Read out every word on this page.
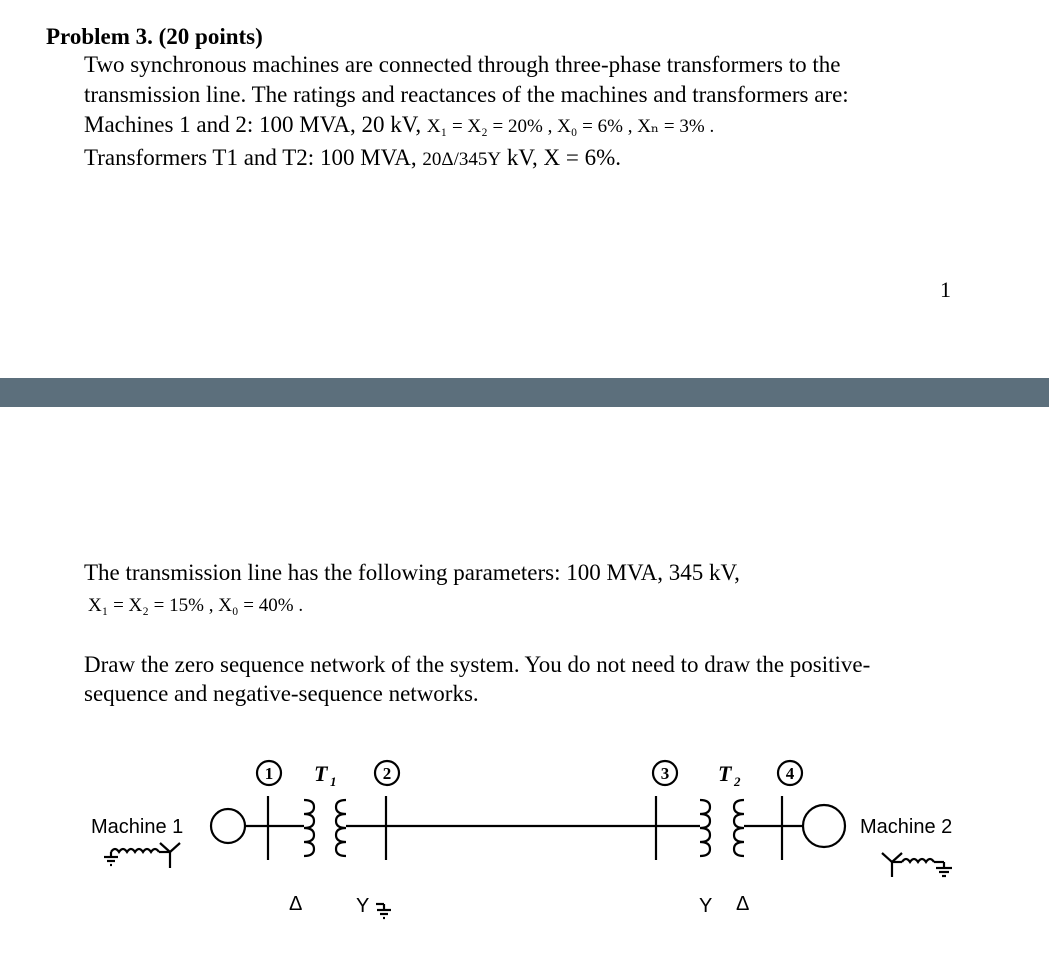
Problem 3. (20 points)
Two synchronous machines are connected through three-phase transformers to the
transmission line. The ratings and reactances of the machines and transformers are:
Machines 1 and 2: 100 MVA, 20 kV, X₁ = X₂ = 20% , X₀ = 6% , Xₙ = 3% .
Transformers T1 and T2: 100 MVA, 20Δ/345Y kV, X = 6%.
1
The transmission line has the following parameters: 100 MVA, 345 kV,
X₁ = X₂ = 15% , X₀ = 40% .
Draw the zero sequence network of the system. You do not need to draw the positive-
sequence and negative-sequence networks.
1	2	3	4
T 1	T 2
Machine 1	Machine 2
Δ	Y	Y Δ
